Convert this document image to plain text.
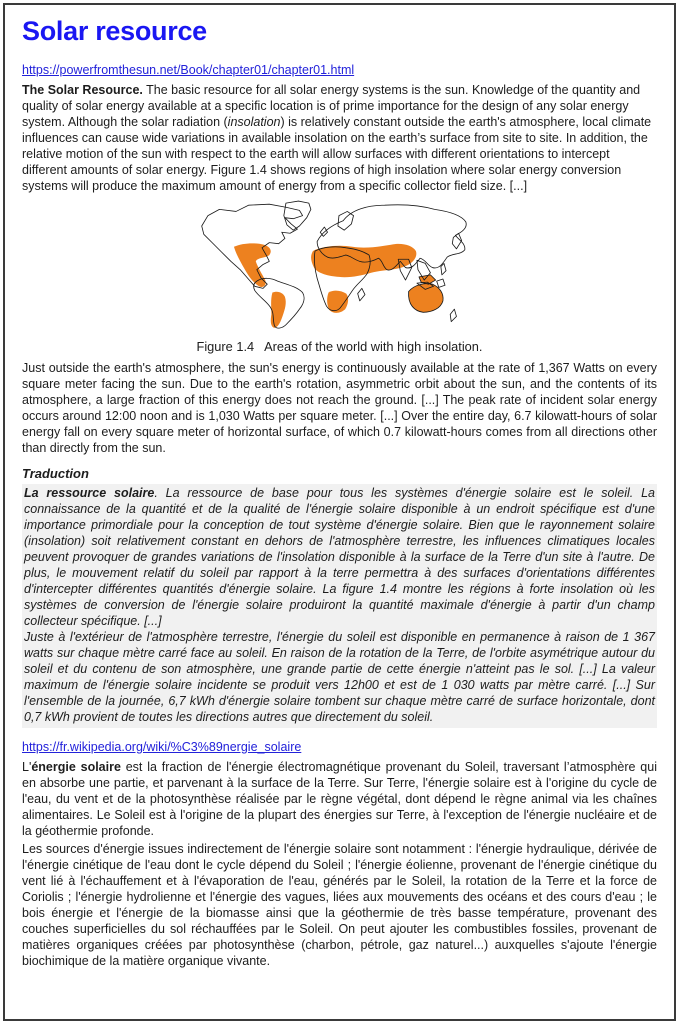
Solar resource
https://powerfromthesun.net/Book/chapter01/chapter01.html

The Solar Resource. The basic resource for all solar energy systems is the sun. Knowledge of the quantity and quality of solar energy available at a specific location is of prime importance for the design of any solar energy system. Although the solar radiation (insolation) is relatively constant outside the earth's atmosphere, local climate influences can cause wide variations in available insolation on the earth’s surface from site to site. In addition, the relative motion of the sun with respect to the earth will allow surfaces with different orientations to intercept different amounts of solar energy. Figure 1.4 shows regions of high insolation where solar energy conversion systems will produce the maximum amount of energy from a specific collector field size. [...]

Figure 1.4   Areas of the world with high insolation.

Just outside the earth's atmosphere, the sun's energy is continuously available at the rate of 1,367 Watts on every square meter facing the sun. Due to the earth's rotation, asymmetric orbit about the sun, and the contents of its atmosphere, a large fraction of this energy does not reach the ground. [...] The peak rate of incident solar energy occurs around 12:00 noon and is 1,030 Watts per square meter. [...] Over the entire day, 6.7 kilowatt-hours of solar energy fall on every square meter of horizontal surface, of which 0.7 kilowatt-hours comes from all directions other than directly from the sun.

Traduction

La ressource solaire. La ressource de base pour tous les systèmes d'énergie solaire est le soleil. La connaissance de la quantité et de la qualité de l'énergie solaire disponible à un endroit spécifique est d'une importance primordiale pour la conception de tout système d'énergie solaire. Bien que le rayonnement solaire (insolation) soit relativement constant en dehors de l'atmosphère terrestre, les influences climatiques locales peuvent provoquer de grandes variations de l'insolation disponible à la surface de la Terre d'un site à l'autre. De plus, le mouvement relatif du soleil par rapport à la terre permettra à des surfaces d'orientations différentes d'intercepter différentes quantités d'énergie solaire. La figure 1.4 montre les régions à forte insolation où les systèmes de conversion de l'énergie solaire produiront la quantité maximale d'énergie à partir d'un champ collecteur spécifique. [...]

Juste à l'extérieur de l'atmosphère terrestre, l'énergie du soleil est disponible en permanence à raison de 1 367 watts sur chaque mètre carré face au soleil. En raison de la rotation de la Terre, de l'orbite asymétrique autour du soleil et du contenu de son atmosphère, une grande partie de cette énergie n'atteint pas le sol. [...] La valeur maximum de l'énergie solaire incidente se produit vers 12h00 et est de 1 030 watts par mètre carré. [...] Sur l'ensemble de la journée, 6,7 kWh d'énergie solaire tombent sur chaque mètre carré de surface horizontale, dont 0,7 kWh provient de toutes les directions autres que directement du soleil.

https://fr.wikipedia.org/wiki/%C3%89nergie_solaire

L'énergie solaire est la fraction de l'énergie électromagnétique provenant du Soleil, traversant l’atmosphère qui en absorbe une partie, et parvenant à la surface de la Terre. Sur Terre, l'énergie solaire est à l'origine du cycle de l'eau, du vent et de la photosynthèse réalisée par le règne végétal, dont dépend le règne animal via les chaînes alimentaires. Le Soleil est à l'origine de la plupart des énergies sur Terre, à l'exception de l'énergie nucléaire et de la géothermie profonde.

Les sources d'énergie issues indirectement de l'énergie solaire sont notamment : l'énergie hydraulique, dérivée de l'énergie cinétique de l'eau dont le cycle dépend du Soleil ; l'énergie éolienne, provenant de l'énergie cinétique du vent lié à l'échauffement et à l'évaporation de l'eau, générés par le Soleil, la rotation de la Terre et la force de Coriolis ; l'énergie hydrolienne et l'énergie des vagues, liées aux mouvements des océans et des cours d'eau ; le bois énergie et l'énergie de la biomasse ainsi que la géothermie de très basse température, provenant des couches superficielles du sol réchauffées par le Soleil. On peut ajouter les combustibles fossiles, provenant de matières organiques créées par photosynthèse (charbon, pétrole, gaz naturel...) auxquelles s'ajoute l'énergie biochimique de la matière organique vivante.
